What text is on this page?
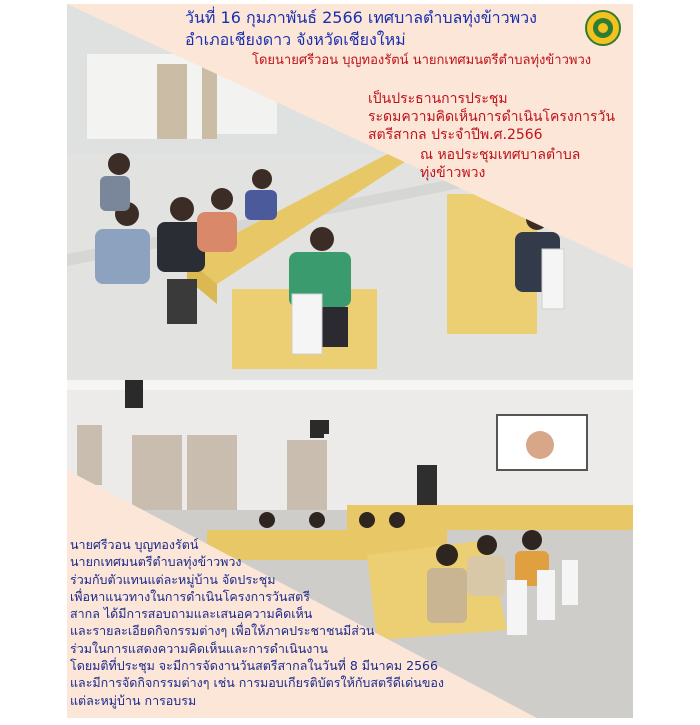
วันที่ 16 กุมภาพันธ์ 2566 เทศบาลตำบลทุ่งข้าวพวง
อำเภอเชียงดาว จังหวัดเชียงใหม่
โดยนายศรีวอน บุญทองรัตน์ นายกเทศมนตรีตำบลทุ่งข้าวพวง
เป็นประธานการประชุม
ระดมความคิดเห็นการดำเนินโครงการวัน
สตรีสากล ประจำปีพ.ศ.2566
ณ หอประชุมเทศบาลตำบล
ทุ่งข้าวพวง
นายศรีวอน บุญทองรัตน์
นายกเทศมนตรีตำบลทุ่งข้าวพวง
ร่วมกับตัวแทนแต่ละหมู่บ้าน จัดประชุม
เพื่อหาแนวทางในการดำเนินโครงการวันสตรี
สากล ได้มีการสอบถามและเสนอความคิดเห็น
และรายละเอียดกิจกรรมต่างๆ เพื่อให้ภาคประชาชนมีส่วน
ร่วมในการแสดงความคิดเห็นและการดำเนินงาน
โดยมติที่ประชุม จะมีการจัดงานวันสตรีสากลในวันที่ 8 มีนาคม 2566
และมีการจัดกิจกรรมต่างๆ เช่น การมอบเกียรติบัตรให้กับสตรีดีเด่นของ
แต่ละหมู่บ้าน การอบรม
